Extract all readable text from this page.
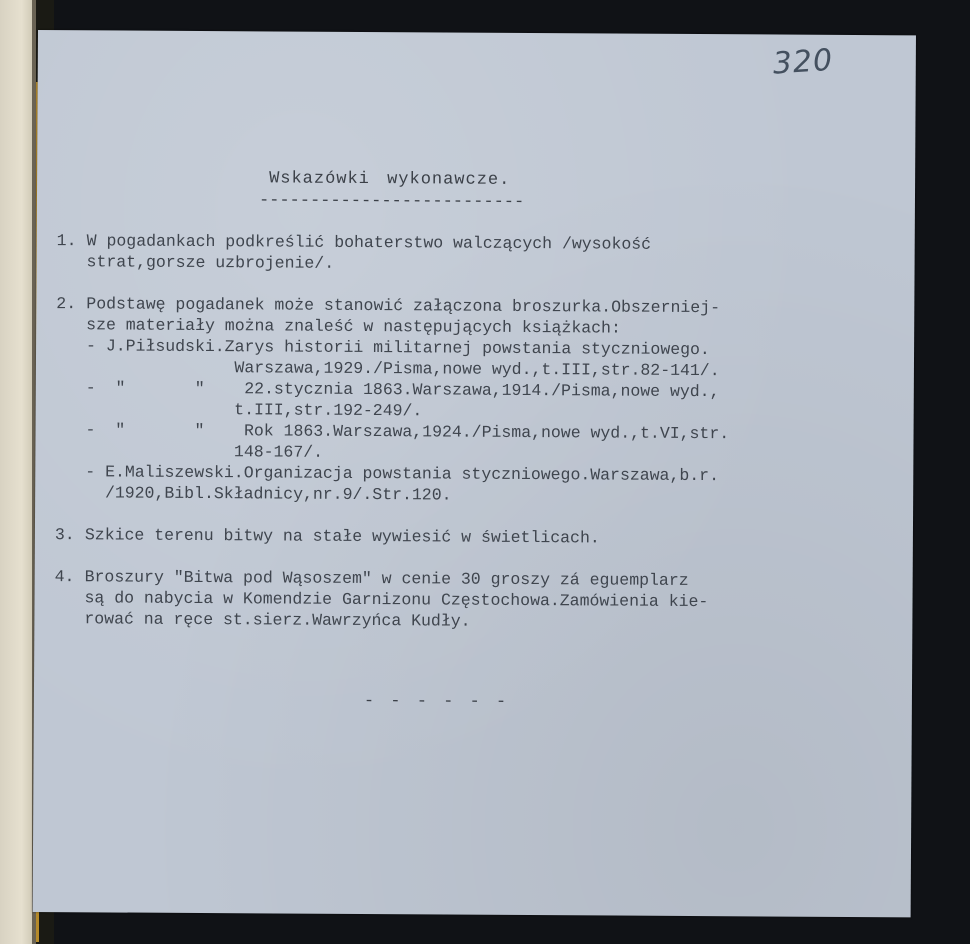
320
Wskazówki wykonawcze.
--------------------------
1. W pogadankach podkreślić bohaterstwo walczących /wysokość
strat,gorsze uzbrojenie/.
2. Podstawę pogadanek może stanowić załączona broszurka.Obszerniej-
sze materiały można znaleść w następujących książkach:
- J.Piłsudski.Zarys historii militarnej powstania styczniowego.
Warszawa,1929./Pisma,nowe wyd.,t.III,str.82-141/.
-  "       "    22.stycznia 1863.Warszawa,1914./Pisma,nowe wyd.,
t.III,str.192-249/.
-  "       "    Rok 1863.Warszawa,1924./Pisma,nowe wyd.,t.VI,str.
148-167/.
- E.Maliszewski.Organizacja powstania styczniowego.Warszawa,b.r.
/1920,Bibl.Składnicy,nr.9/.Str.120.
3. Szkice terenu bitwy na stałe wywiesić w świetlicach.
4. Broszury "Bitwa pod Wąsoszem" w cenie 30 groszy zá eguemplarz
są do nabycia w Komendzie Garnizonu Częstochowa.Zamówienia kie-
rować na ręce st.sierz.Wawrzyńca Kudły.
- - - - - -
